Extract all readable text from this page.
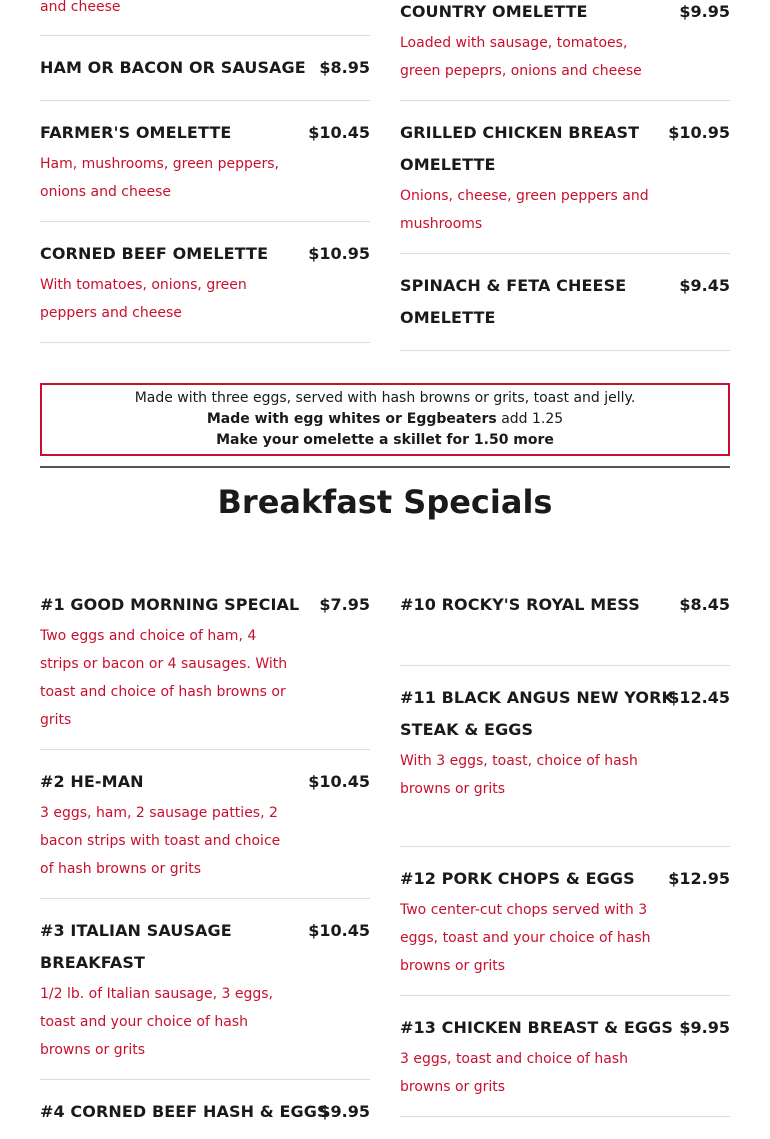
and cheese
HAM OR BACON OR SAUSAGE $8.95
FARMER'S OMELETTE	$10.45
Ham, mushrooms, green peppers,
onions and cheese
CORNED BEEF OMELETTE	$10.95
With tomatoes, onions, green
peppers and cheese
COUNTRY OMELETTE	$9.95
Loaded with sausage, tomatoes,
green pepeprs, onions and cheese
GRILLED CHICKEN BREAST
OMELETTE
$10.95
Onions, cheese, green peppers and
mushrooms
SPINACH & FETA CHEESE
OMELETTE
$9.45
Made with three eggs, served with hash browns or grits, toast and jelly.
Made with egg whites or Eggbeaters add 1.25
Make your omelette a skillet for 1.50 more
Breakfast Specials
#1 GOOD MORNING SPECIAL $7.95
Two eggs and choice of ham, 4
strips or bacon or 4 sausages. With
toast and choice of hash browns or
grits
#2 HE-MAN	$10.45
3 eggs, ham, 2 sausage patties, 2
bacon strips with toast and choice
of hash browns or grits
#3 ITALIAN SAUSAGE
BREAKFAST
$10.45
1/2 lb. of Italian sausage, 3 eggs,
toast and your choice of hash
browns or grits
#4 CORNED BEEF HASH & EGGS
$9.95
#10 ROCKY'S ROYAL MESS $8.45
#11 BLACK ANGUS NEW YORK
STEAK & EGGS
$12.45
With 3 eggs, toast, choice of hash
browns or grits
#12 PORK CHOPS & EGGS $12.95
Two center-cut chops served with 3
eggs, toast and your choice of hash
browns or grits
#13 CHICKEN BREAST & EGGS $9.95
3 eggs, toast and choice of hash
browns or grits
